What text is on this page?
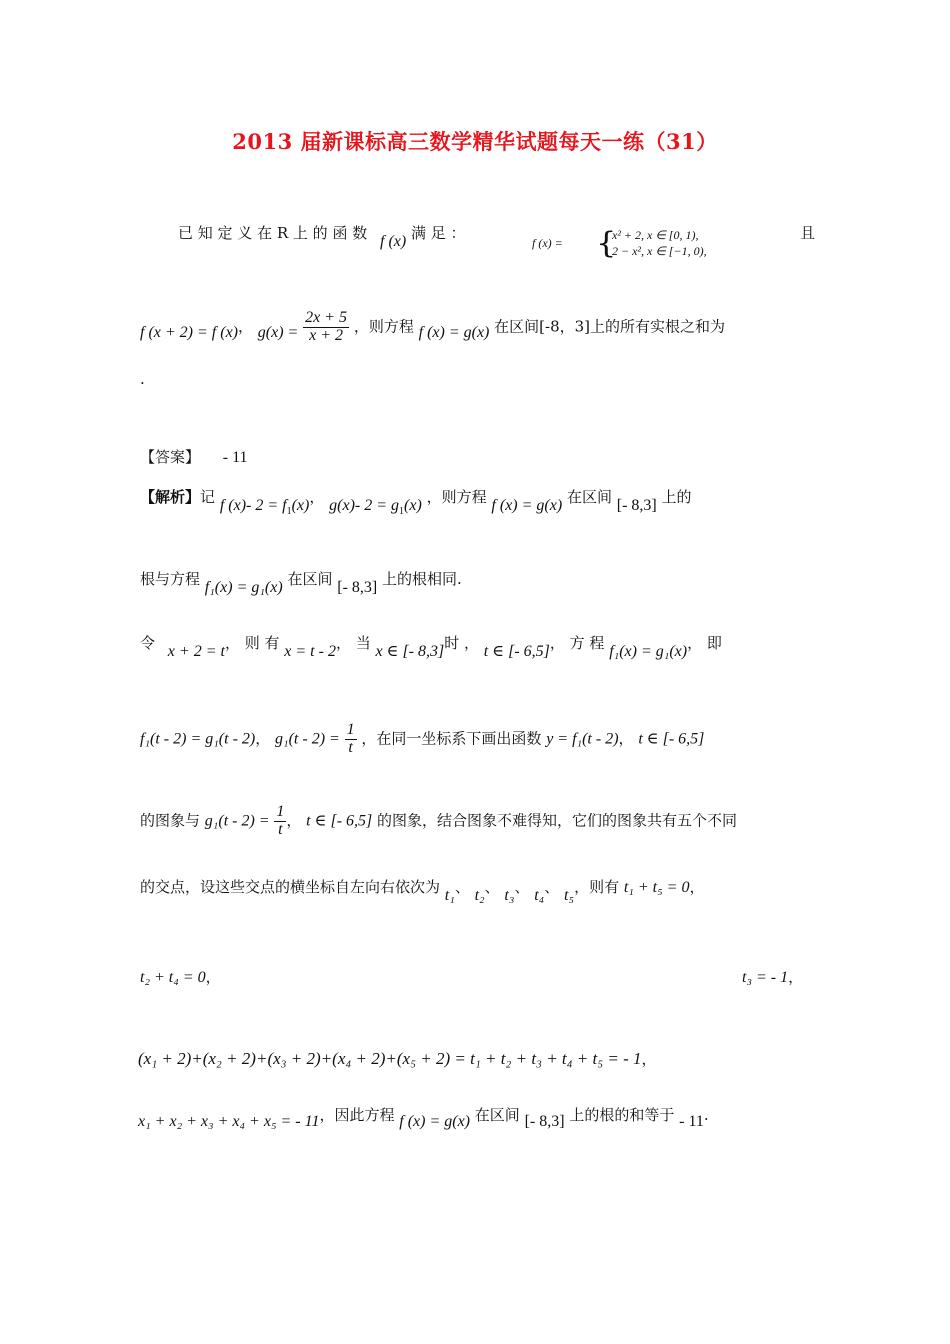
2013 届新课标高三数学精华试题每天一练（31）
已 知 定 义 在 R 上 的 函 数 f (x) 满 足 ：
f (x) = {
x² + 2, x ∈ [0, 1),
2 − x², x ∈ [−1, 0),
且
f (x + 2) = f (x)， $g(x) = \frac{2x + 5}{x + 2}$ ，则方程 f (x) = g(x) 在区间[-8，3]上的所有实根之和为
.
【答案】 - 11
【解析】记 f (x)- $2 = f_1(x)$， g(x)- $2 = g_1(x)$ ，则方程 f (x) = g(x) 在区间 [- 8,3] 上的
根与方程 f₁(x) = g₁(x) 在区间 [- 8,3] 上的根相同.
令 x + 2 = t， 则 有 x = t - 2， 当 x ∈ [- 8,3]时 ， t ∈ [- 6,5]， 方 程 f₁(x) = g₁(x)， 即
f₁(t - 2) = g₁(t - 2)， $g_1(t - 2) = \frac{1}{t}$ ，在同一坐标系下画出函数 y = f₁(t - 2)， t ∈ [- 6,5]
的图象与 $g_1(t - 2) = \frac{1}{t}$ ， t ∈ [- 6,5] 的图象，结合图象不难得知，它们的图象共有五个不同
的交点，设这些交点的横坐标自左向右依次为 t₁、 t₂、 t₃、 t₄、 t₅，则有 t₁ + t₅ = 0，
t₂ + t₄ = 0，	t₃ = - 1，
(x₁ + 2)+(x₂ + 2)+(x₃ + 2)+(x₄ + 2)+(x₅ + 2) = t₁ + t₂ + t₃ + t₄ + t₅ = - 1，
x₁ + x₂ + x₃ + x₄ + x₅ = - 11，因此方程 f (x) = g(x) 在区间 [- 8,3] 上的根的和等于 - 11.
